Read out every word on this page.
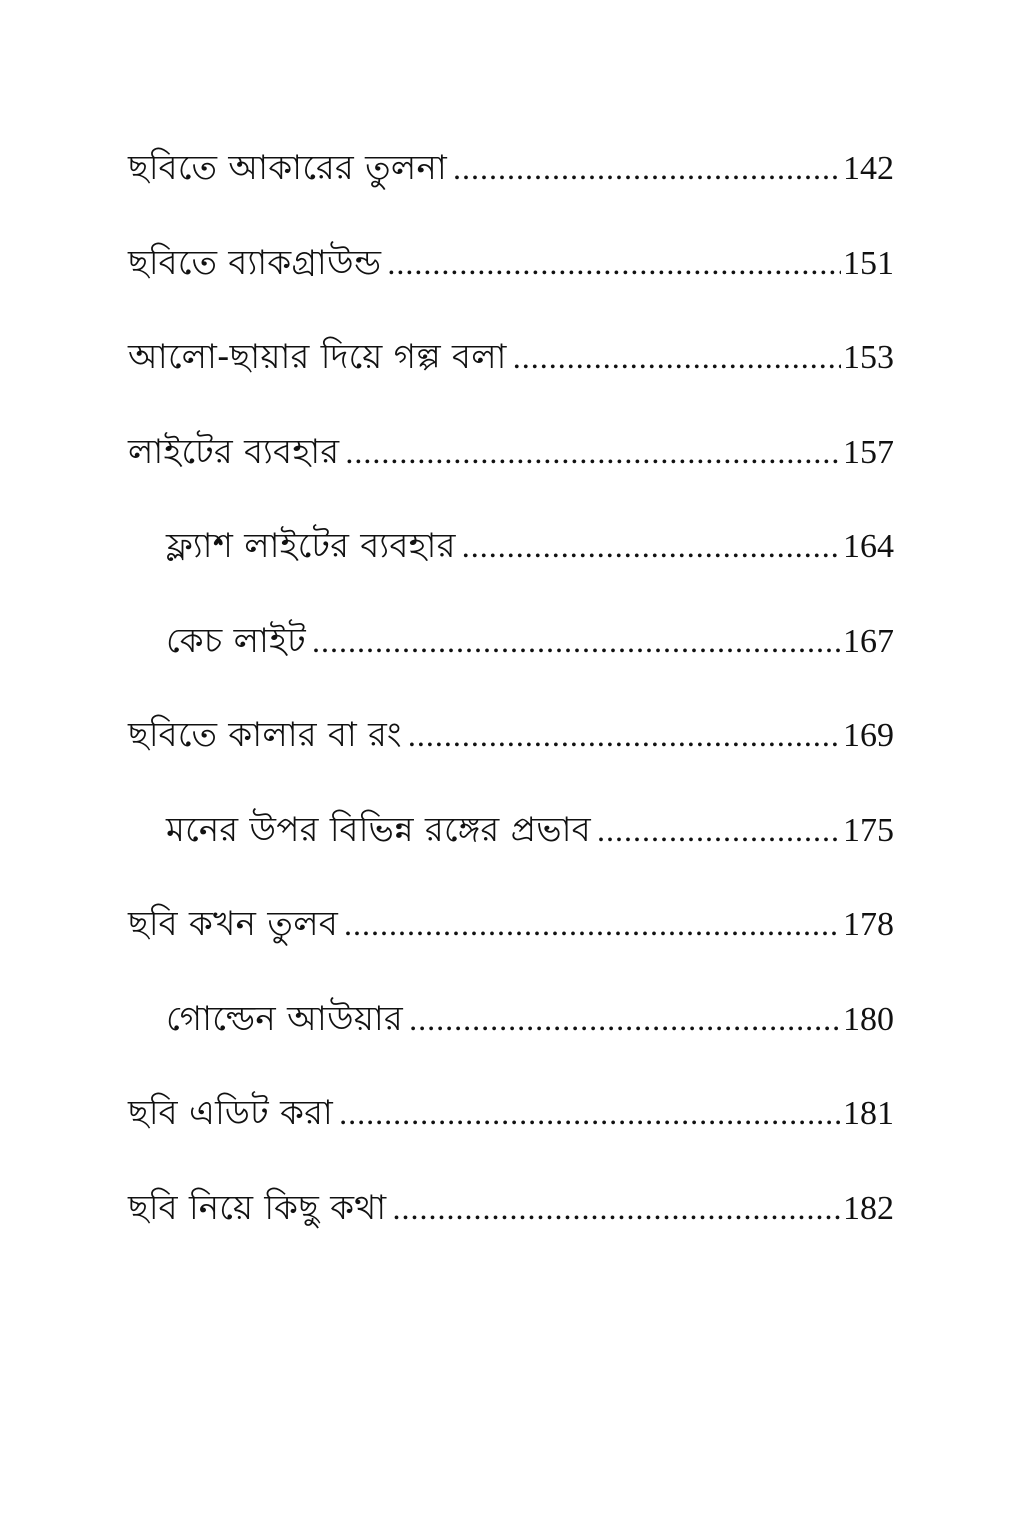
ছবিতে আকারের তুলনা .....	142
ছবিতে ব্যাকগ্রাউন্ড .....	151
আলো-ছায়ার দিয়ে গল্প বলা .....	153
লাইটের ব্যবহার .....	157
ফ্ল্যাশ লাইটের ব্যবহার .....	164
কেচ লাইট .....	167
ছবিতে কালার বা রং .....	169
মনের উপর বিভিন্ন রঙ্গের প্রভাব .....	175
ছবি কখন তুলব .....	178
গোল্ডেন আউয়ার .....	180
ছবি এডিট করা .....	181
ছবি নিয়ে কিছু কথা .....	182
